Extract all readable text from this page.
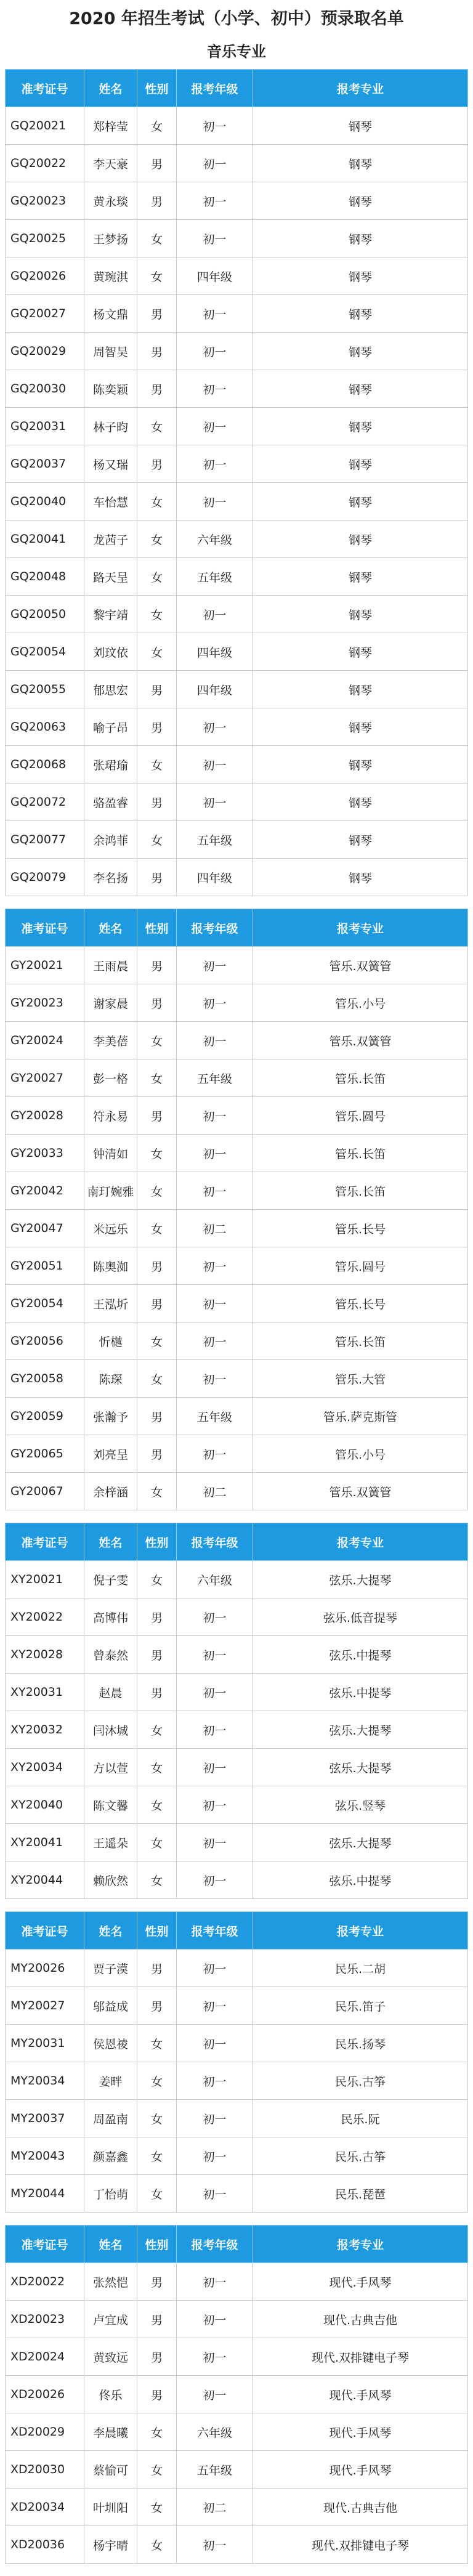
2020 年招生考试（小学、初中）预录取名单
音乐专业
准考证号	姓名	性别	报考年级	报考专业
GQ20021	郑梓莹	女	初一	钢琴
GQ20022	李天豪	男	初一	钢琴
GQ20023	黄永琰	男	初一	钢琴
GQ20025	王梦扬	女	初一	钢琴
GQ20026	黄琬淇	女	四年级	钢琴
GQ20027	杨文鼎	男	初一	钢琴
GQ20029	周智昊	男	初一	钢琴
GQ20030	陈奕颖	男	初一	钢琴
GQ20031	林子昀	女	初一	钢琴
GQ20037	杨又瑞	男	初一	钢琴
GQ20040	车怡慧	女	初一	钢琴
GQ20041	龙茜子	女	六年级	钢琴
GQ20048	路天呈	女	五年级	钢琴
GQ20050	黎宇靖	女	初一	钢琴
GQ20054	刘玟依	女	四年级	钢琴
GQ20055	郁思宏	男	四年级	钢琴
GQ20063	喻子昂	男	初一	钢琴
GQ20068	张珺瑜	女	初一	钢琴
GQ20072	骆盈睿	男	初一	钢琴
GQ20077	余鸿菲	女	五年级	钢琴
GQ20079	李名扬	男	四年级	钢琴
准考证号	姓名	性别	报考年级	报考专业
GY20021	王雨晨	男	初一	管乐.双簧管
GY20023	谢家晨	男	初一	管乐.小号
GY20024	李美蓓	女	初一	管乐.双簧管
GY20027	彭一格	女	五年级	管乐.长笛
GY20028	符永易	男	初一	管乐.圆号
GY20033	钟清如	女	初一	管乐.长笛
GY20042	南玎婉雅	女	初一	管乐.长笛
GY20047	米远乐	女	初二	管乐.长号
GY20051	陈奥洳	男	初一	管乐.圆号
GY20054	王泓圻	男	初一	管乐.长号
GY20056	忻樾	女	初一	管乐.长笛
GY20058	陈琛	女	初一	管乐.大管
GY20059	张瀚予	男	五年级	管乐.萨克斯管
GY20065	刘亮呈	男	初一	管乐.小号
GY20067	余梓涵	女	初二	管乐.双簧管
准考证号	姓名	性别	报考年级	报考专业
XY20021	倪子雯	女	六年级	弦乐.大提琴
XY20022	高博伟	男	初一	弦乐.低音提琴
XY20028	曾泰然	男	初一	弦乐.中提琴
XY20031	赵晨	男	初一	弦乐.中提琴
XY20032	闫沐城	女	初一	弦乐.大提琴
XY20034	方以萱	女	初一	弦乐.大提琴
XY20040	陈文馨	女	初一	弦乐.竖琴
XY20041	王遥朵	女	初一	弦乐.大提琴
XY20044	赖欣然	女	初一	弦乐.中提琴
准考证号	姓名	性别	报考年级	报考专业
MY20026	贾子漠	男	初一	民乐.二胡
MY20027	邬益成	男	初一	民乐.笛子
MY20031	侯恩祾	女	初一	民乐.扬琴
MY20034	姜畔	女	初一	民乐.古筝
MY20037	周盈南	女	初一	民乐.阮
MY20043	颜嘉鑫	女	初一	民乐.古筝
MY20044	丁怡萌	女	初一	民乐.琵琶
准考证号	姓名	性别	报考年级	报考专业
XD20022	张然恺	男	初一	现代.手风琴
XD20023	卢宜成	男	初一	现代.古典吉他
XD20024	黄致远	男	初一	现代.双排键电子琴
XD20026	佟乐	男	初一	现代.手风琴
XD20029	李晨曦	女	六年级	现代.手风琴
XD20030	蔡愉可	女	五年级	现代.手风琴
XD20034	叶圳阳	女	初二	现代.古典吉他
XD20036	杨宇晴	女	初一	现代.双排键电子琴
